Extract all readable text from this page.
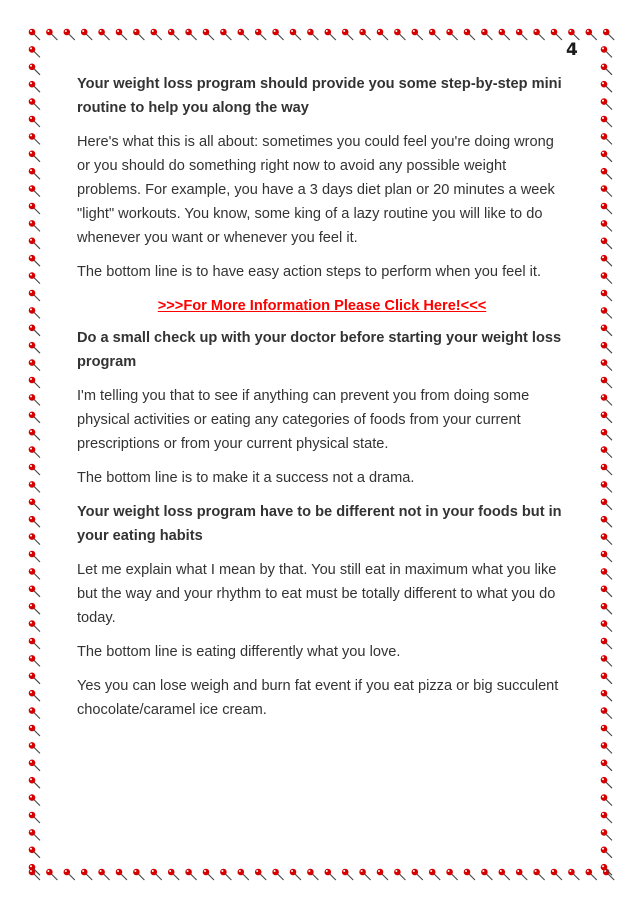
4

Your weight loss program should provide you some step-by-step mini routine to help you along the way

Here's what this is all about: sometimes you could feel you're doing wrong or you should do something right now to avoid any possible weight problems. For example, you have a 3 days diet plan or 20 minutes a week "light" workouts. You know, some king of a lazy routine you will like to do whenever you want or whenever you feel it.

The bottom line is to have easy action steps to perform when you feel it.

>>>For More Information Please Click Here!<<<

Do a small check up with your doctor before starting your weight loss program

I'm telling you that to see if anything can prevent you from doing some physical activities or eating any categories of foods from your current prescriptions or from your current physical state.

The bottom line is to make it a success not a drama.

Your weight loss program have to be different not in your foods but in your eating habits

Let me explain what I mean by that. You still eat in maximum what you like but the way and your rhythm to eat must be totally different to what you do today.

The bottom line is eating differently what you love.

Yes you can lose weigh and burn fat event if you eat pizza or big succulent chocolate/caramel ice cream.
